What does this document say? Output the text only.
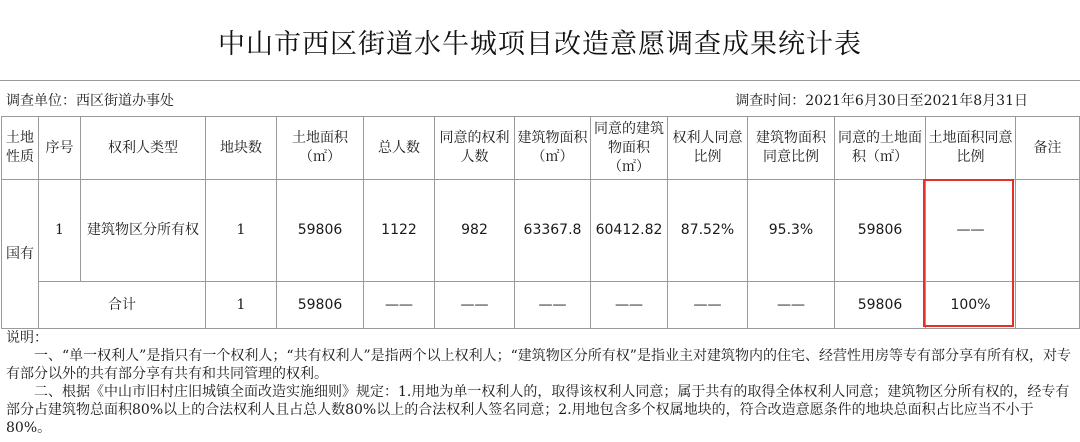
中山市西区街道水牛城项目改造意愿调查成果统计表
调查单位：西区街道办事处	调查时间：2021年6月30日至2021年8月31日
土地性质	序号	权利人类型	地块数	土地面积（㎡）	总人数	同意的权利人数	建筑物面积（㎡）	同意的建筑物面积（㎡）	权利人同意比例	建筑物面积同意比例	同意的土地面积（㎡）	土地面积同意比例	备注
国有	1	建筑物区分所有权	1	59806	1122	982	63367.8	60412.82	87.52%	95.3%	59806	——	
	合计		1	59806	——	——	——	——	——	——	59806	100%	

说明：

一、“单一权利人”是指只有一个权利人；“共有权利人”是指两个以上权利人；“建筑物区分所有权”是指业主对建筑物内的住宅、经营性用房等专有部分享有所有权，对专有部分以外的共有部分享有共有和共同管理的权利。

二、根据《中山市旧村庄旧城镇全面改造实施细则》规定：1.用地为单一权利人的，取得该权利人同意；属于共有的取得全体权利人同意；建筑物区分所有权的，经专有部分占建筑物总面积80%以上的合法权利人且占总人数80%以上的合法权利人签名同意；2.用地包含多个权属地块的，符合改造意愿条件的地块总面积占比应当不小于80%。
